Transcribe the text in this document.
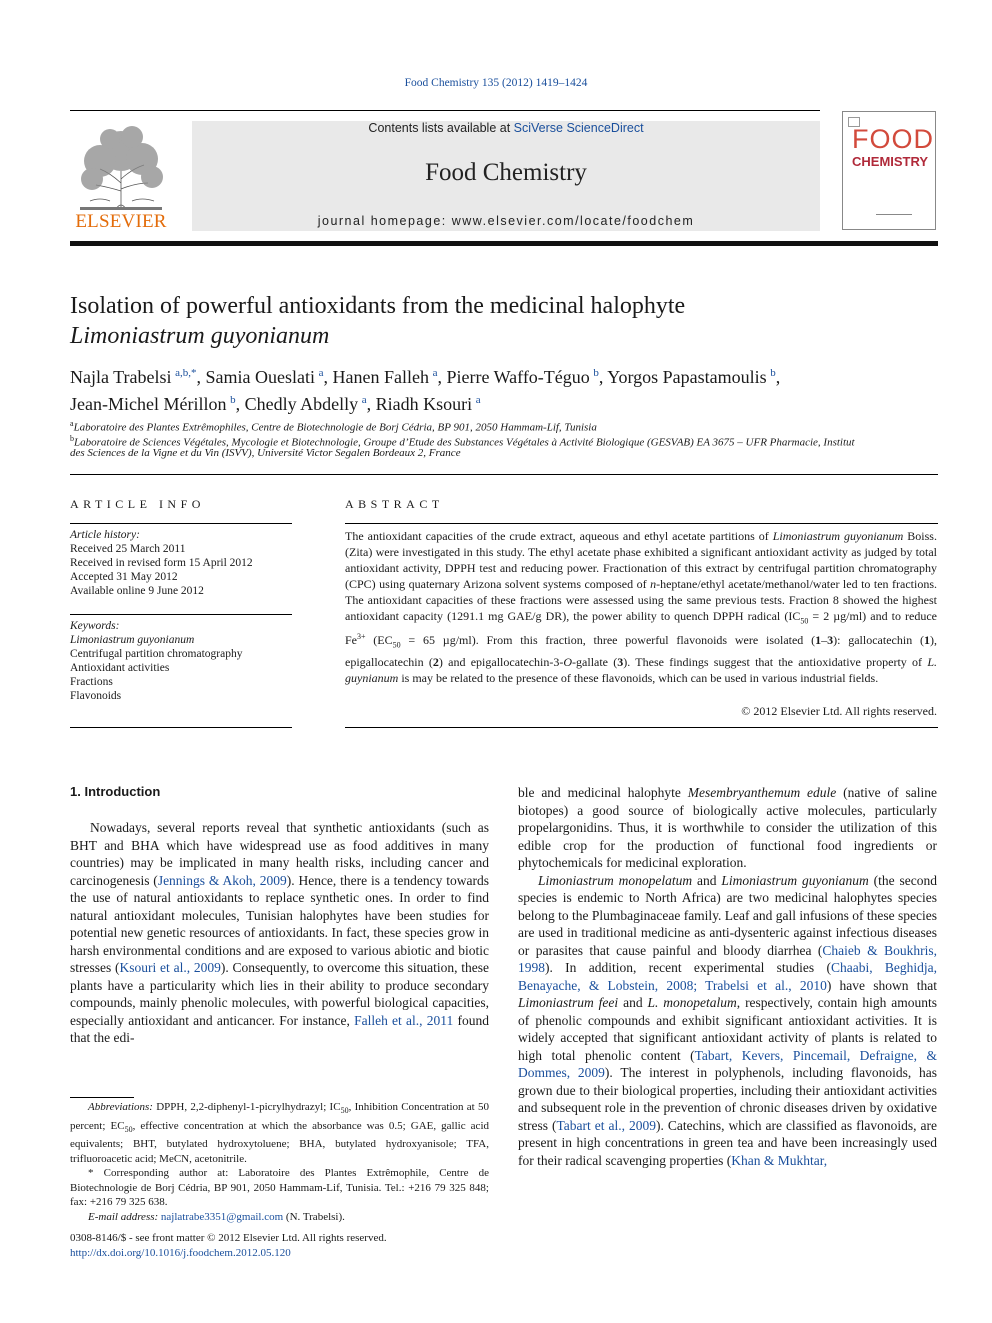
Food Chemistry 135 (2012) 1419–1424
ELSEVIER
Contents lists available at SciVerse ScienceDirect
Food Chemistry
journal homepage: www.elsevier.com/locate/foodchem
FOOD
CHEMISTRY
Isolation of powerful antioxidants from the medicinal halophyte
Limoniastrum guyonianum
Najla Trabelsi  $^{a,b,*}$, Samia Oueslati  $^a$, Hanen Falleh  $^a$, Pierre Waffo-Téguo  $^b$, Yorgos Papastamoulis  $^b$,
Jean-Michel Mérillon  $^b$, Chedly Abdelly  $^a$, Riadh Ksouri  $^a$
$^a$Laboratoire des Plantes Extrêmophiles, Centre de Biotechnologie de Borj Cédria, BP 901, 2050 Hammam-Lif, Tunisia
$^b$Laboratoire de Sciences Végétales, Mycologie et Biotechnologie, Groupe d’Etude des Substances Végétales à Activité Biologique (GESVAB) EA 3675 – UFR Pharmacie, Institut
des Sciences de la Vigne et du Vin (ISVV), Université Victor Segalen Bordeaux 2, France
ARTICLE INFO
Article history:
Received 25 March 2011
Received in revised form 15 April 2012
Accepted 31 May 2012
Available online 9 June 2012
Keywords:
Limoniastrum guyonianum
Centrifugal partition chromatography
Antioxidant activities
Fractions
Flavonoids
ABSTRACT
The antioxidant capacities of the crude extract, aqueous and ethyl acetate partitions of Limoniastrum guyonianum Boiss. (Zita) were investigated in this study. The ethyl acetate phase exhibited a significant antioxidant activity as judged by total antioxidant activity, DPPH test and reducing power. Fractionation of this extract by centrifugal partition chromatography (CPC) using quaternary Arizona solvent systems composed of n-heptane/ethyl acetate/methanol/water led to ten fractions. The antioxidant capacities of these fractions were assessed using the same previous tests. Fraction 8 showed the highest antioxidant capacity (1291.1 mg GAE/g DR), the power ability to quench DPPH radical ($IC_{50} = 2$ µg/ml) and to reduce $Fe^{3+}$ ($EC_{50} = 65$ µg/ml). From this fraction, three powerful flavonoids were isolated (1–3): gallocatechin (1), epigallocatechin (2) and epigallocatechin-3-O-gallate (3). These findings suggest that the antioxidative property of L. guynianum is may be related to the presence of these flavonoids, which can be used in various industrial fields.
© 2012 Elsevier Ltd. All rights reserved.
1. Introduction

Nowadays, several reports reveal that synthetic antioxidants (such as BHT and BHA which have widespread use as food additives in many countries) may be implicated in many health risks, including cancer and carcinogenesis (Jennings & Akoh, 2009). Hence, there is a tendency towards the use of natural antioxidants to replace synthetic ones. In order to find natural antioxidant molecules, Tunisian halophytes have been studies for potential new genetic resources of antioxidants. In fact, these species grow in harsh environmental conditions and are exposed to various abiotic and biotic stresses (Ksouri et al., 2009). Consequently, to overcome this situation, these plants have a particularity which lies in their ability to produce secondary compounds, mainly phenolic molecules, with powerful biological capacities, especially antioxidant and anticancer. For instance, Falleh et al., 2011 found that the edi-

ble and medicinal halophyte Mesembryanthemum edule (native of saline biotopes) a good source of biologically active molecules, particularly propelargonidins. Thus, it is worthwhile to consider the utilization of this edible crop for the production of functional food ingredients or phytochemicals for medicinal exploration.

Limoniastrum monopelatum and Limoniastrum guyonianum (the second species is endemic to North Africa) are two medicinal halophytes species belong to the Plumbaginaceae family. Leaf and gall infusions of these species are used in traditional medicine as anti-dysenteric against infectious diseases or parasites that cause painful and bloody diarrhea (Chaieb & Boukhris, 1998). In addition, recent experimental studies (Chaabi, Beghidja, Benayache, & Lobstein, 2008; Trabelsi et al., 2010) have shown that Limoniastrum feei and L. monopetalum, respectively, contain high amounts of phenolic compounds and exhibit significant antioxidant activities. It is widely accepted that significant antioxidant activity of plants is related to high total phenolic content (Tabart, Kevers, Pincemail, Defraigne, & Dommes, 2009). The interest in polyphenols, including flavonoids, has grown due to their biological properties, including their antioxidant activities and subsequent role in the prevention of chronic diseases driven by oxidative stress (Tabart et al., 2009). Catechins, which are classified as flavonoids, are present in high concentrations in green tea and have been increasingly used for their radical scavenging properties (Khan & Mukhtar,

Abbreviations: DPPH, 2,2-diphenyl-1-picrylhydrazyl; $IC_{50}$, Inhibition Concentration at 50 percent; $EC_{50}$, effective concentration at which the absorbance was 0.5; GAE, gallic acid equivalents; BHT, butylated hydroxytoluene; BHA, butylated hydroxyanisole; TFA, trifluoroacetic acid; MeCN, acetonitrile.

* Corresponding author at: Laboratoire des Plantes Extrêmophile, Centre de Biotechnologie de Borj Cédria, BP 901, 2050 Hammam-Lif, Tunisia. Tel.: +216 79 325 848; fax: +216 79 325 638.

E-mail address: najlatrabe3351@gmail.com (N. Trabelsi).

0308-8146/$ - see front matter © 2012 Elsevier Ltd. All rights reserved.
http://dx.doi.org/10.1016/j.foodchem.2012.05.120
